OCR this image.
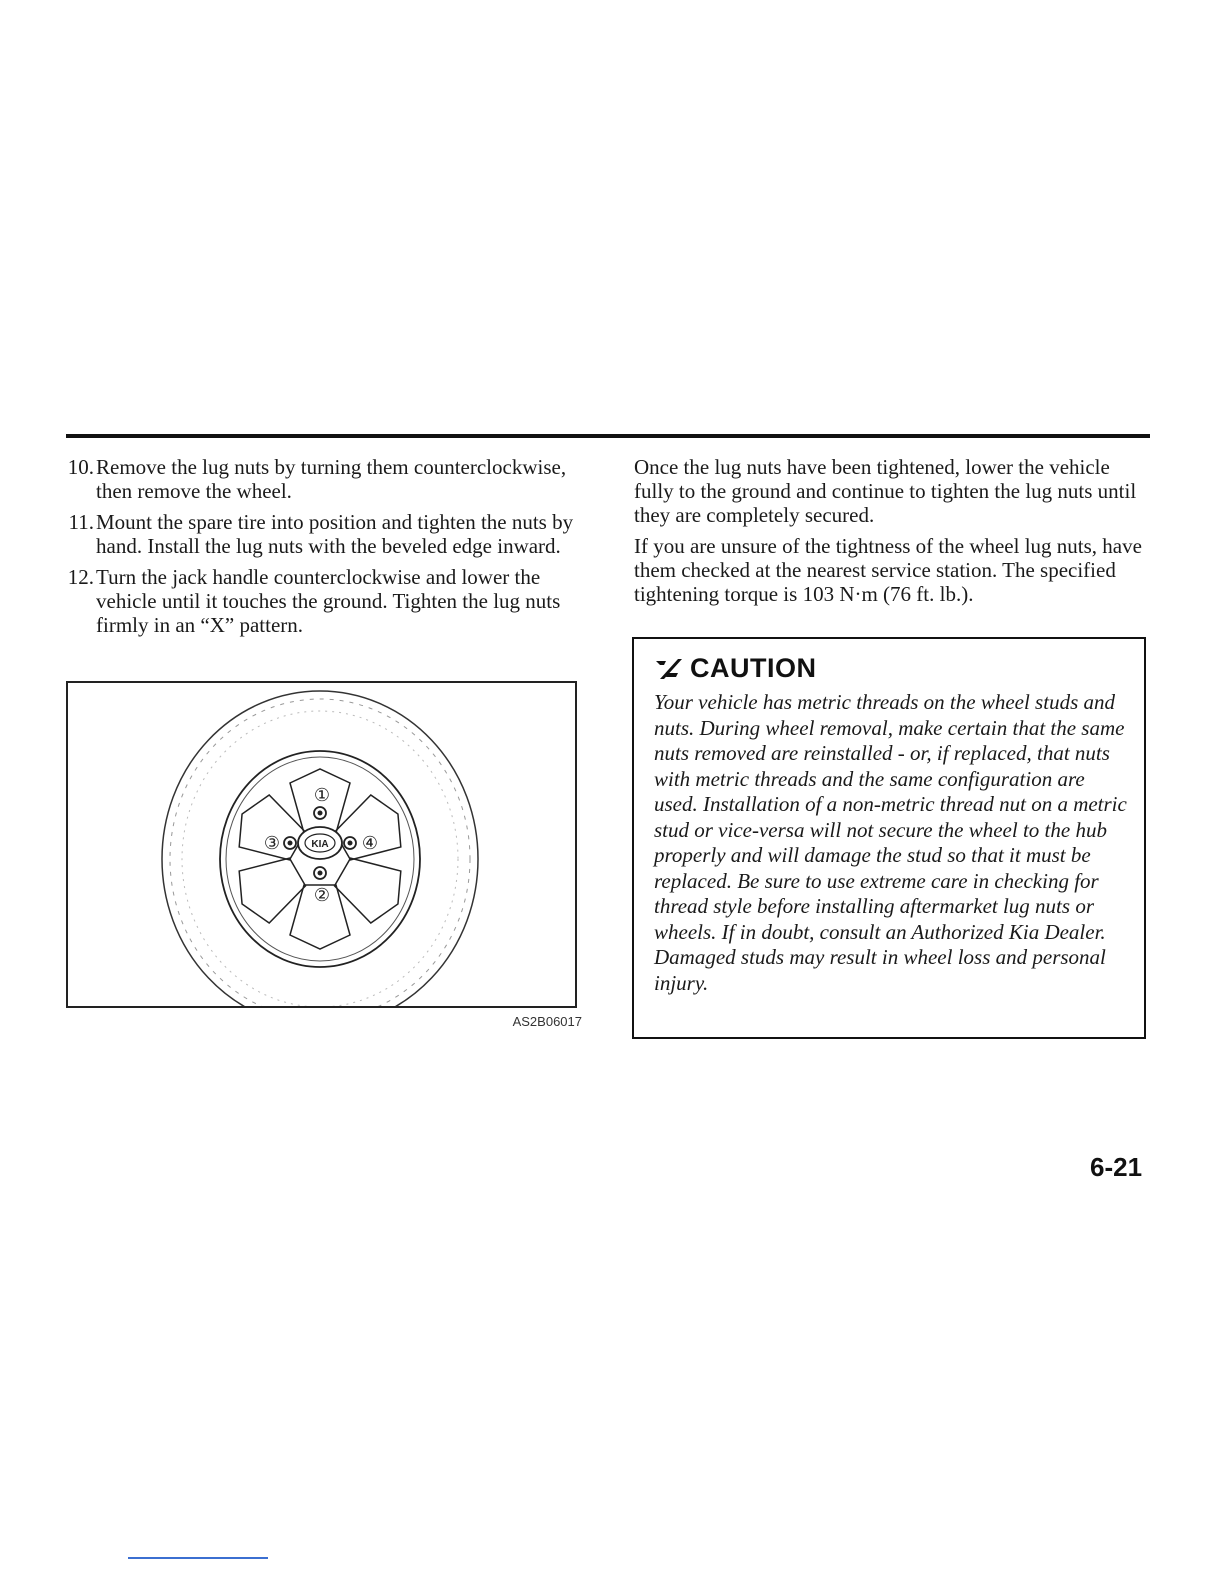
10 . Remove the lug nuts by turning them counterclockwise, then remove the wheel.

11 . Mount the spare tire into position and tighten the nuts by hand. Install the lug nuts with the beveled edge inward.

12 . Turn the jack handle counterclockwise and lower the vehicle until it touches the ground. Tighten the lug nuts firmly in an “X” pattern.

KIA
①
②
③	④
AS2B06017

Once the lug nuts have been tightened, lower the vehicle fully to the ground and continue to tighten the lug nuts until they are completely secured.

If you are unsure of the tightness of the wheel lug nuts, have them checked at the nearest service station. The specified tightening torque is 103 N·m (76 ft. lb.).

CAUTION

Your vehicle has metric threads on the wheel studs and nuts. During wheel removal, make certain that the same nuts removed are reinstalled - or, if replaced, that nuts with metric threads and the same configuration are used. Installation of a non-metric thread nut on a metric stud or vice-versa will not secure the wheel to the hub properly and will damage the stud so that it must be replaced. Be sure to use extreme care in checking for thread style before installing aftermarket lug nuts or wheels. If in doubt, consult an Authorized Kia Dealer. Damaged studs may result in wheel loss and personal injury.

6-21
